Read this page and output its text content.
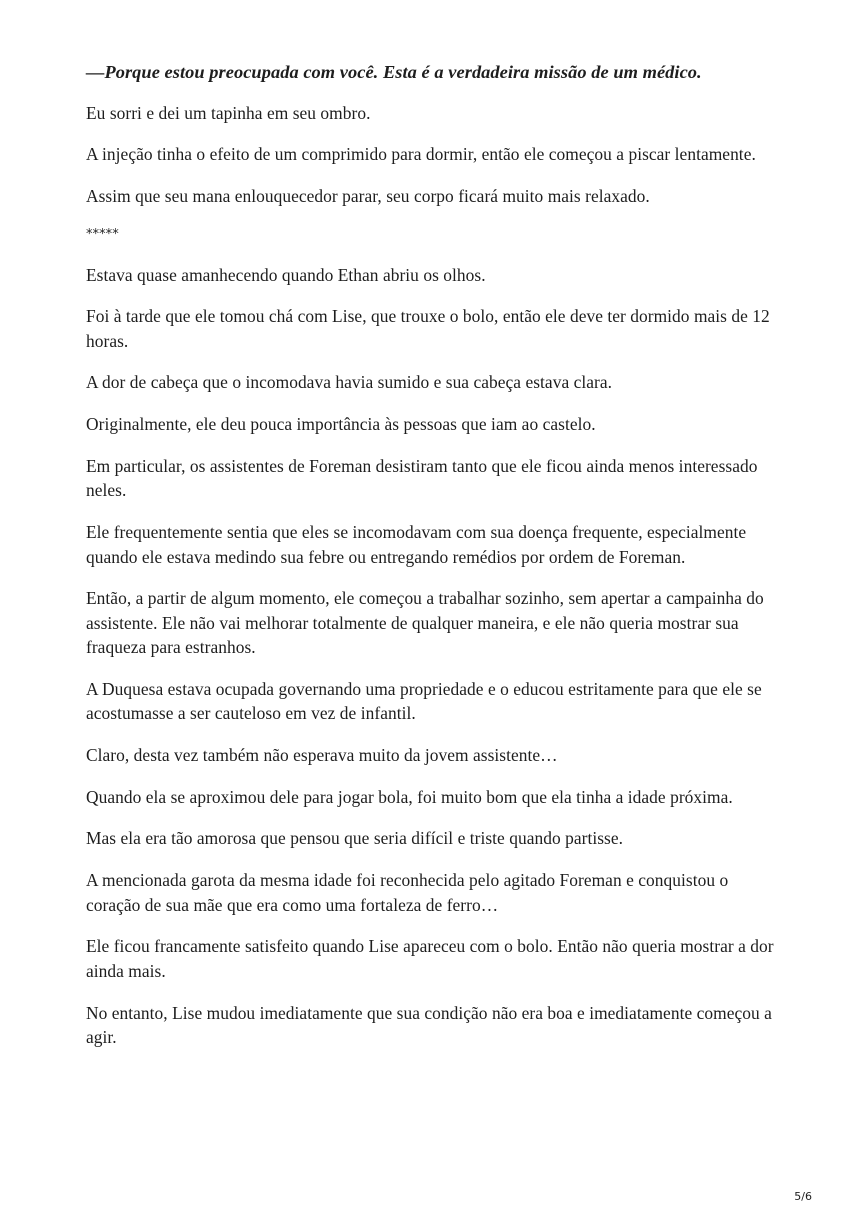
—Porque estou preocupada com você. Esta é a verdadeira missão de um médico.

Eu sorri e dei um tapinha em seu ombro.

A injeção tinha o efeito de um comprimido para dormir, então ele começou a piscar lentamente.

Assim que seu mana enlouquecedor parar, seu corpo ficará muito mais relaxado.

*****

Estava quase amanhecendo quando Ethan abriu os olhos.

Foi à tarde que ele tomou chá com Lise, que trouxe o bolo, então ele deve ter dormido mais de 12 horas.

A dor de cabeça que o incomodava havia sumido e sua cabeça estava clara.

Originalmente, ele deu pouca importância às pessoas que iam ao castelo.

Em particular, os assistentes de Foreman desistiram tanto que ele ficou ainda menos interessado neles.

Ele frequentemente sentia que eles se incomodavam com sua doença frequente, especialmente quando ele estava medindo sua febre ou entregando remédios por ordem de Foreman.

Então, a partir de algum momento, ele começou a trabalhar sozinho, sem apertar a campainha do assistente. Ele não vai melhorar totalmente de qualquer maneira, e ele não queria mostrar sua fraqueza para estranhos.

A Duquesa estava ocupada governando uma propriedade e o educou estritamente para que ele se acostumasse a ser cauteloso em vez de infantil.

Claro, desta vez também não esperava muito da jovem assistente…

Quando ela se aproximou dele para jogar bola, foi muito bom que ela tinha a idade próxima.

Mas ela era tão amorosa que pensou que seria difícil e triste quando partisse.

A mencionada garota da mesma idade foi reconhecida pelo agitado Foreman e conquistou o coração de sua mãe que era como uma fortaleza de ferro…

Ele ficou francamente satisfeito quando Lise apareceu com o bolo. Então não queria mostrar a dor ainda mais.

No entanto, Lise mudou imediatamente que sua condição não era boa e imediatamente começou a agir.

5/6
